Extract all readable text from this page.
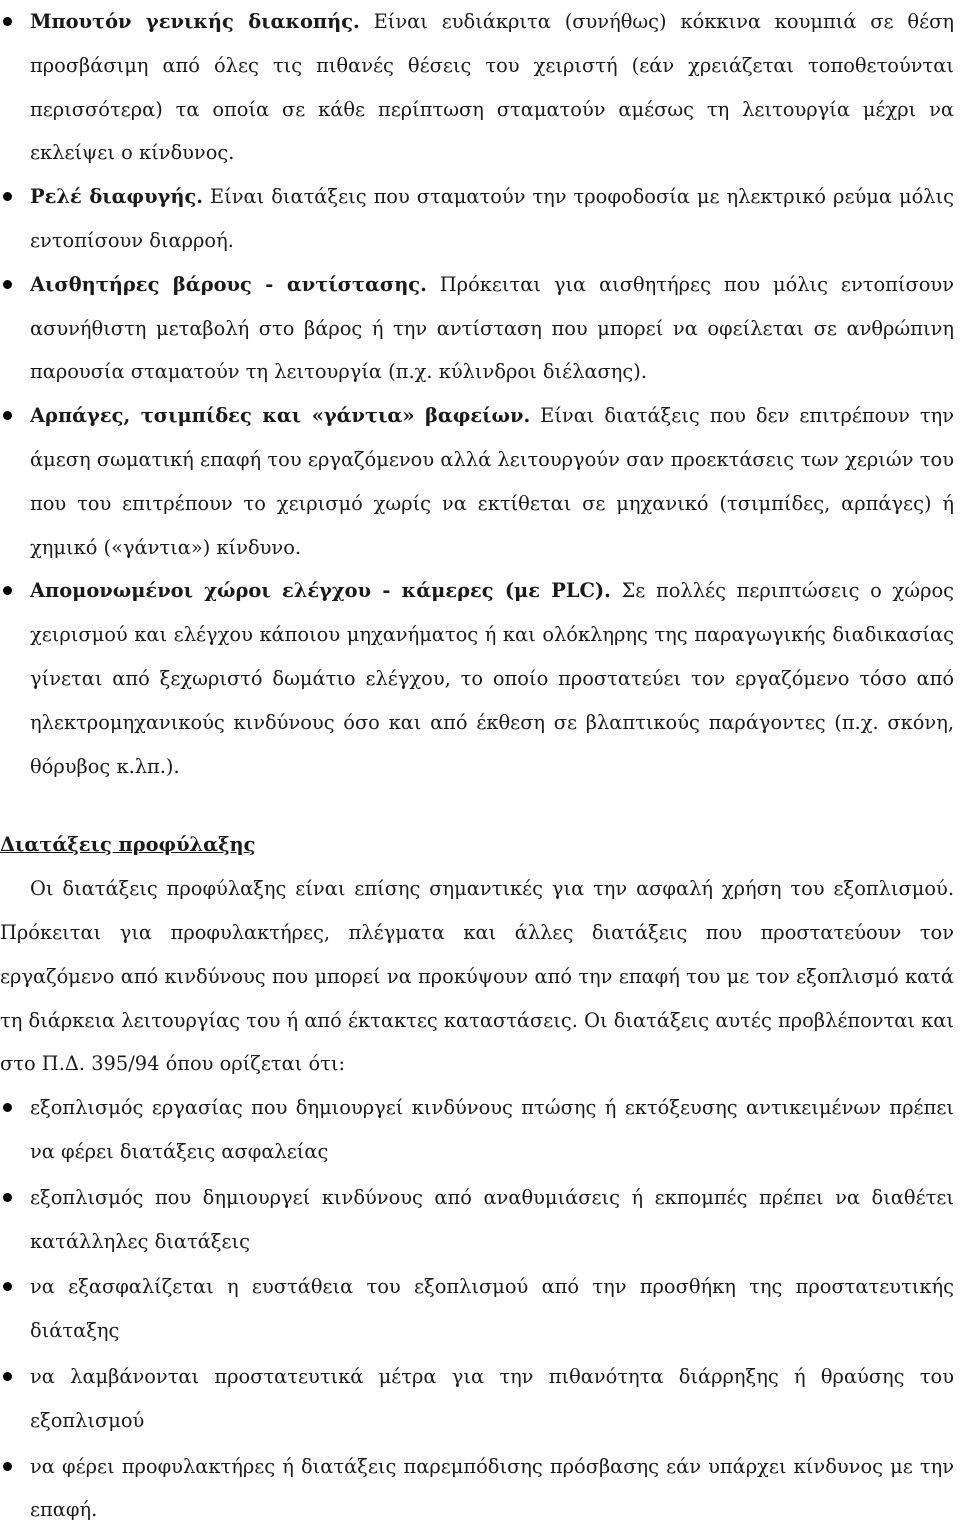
Μπουτόν γενικής διακοπής. Είναι ευδιάκριτα (συνήθως) κόκκινα κουμπιά σε θέση προσβάσιμη από όλες τις πιθανές θέσεις του χειριστή (εάν χρειάζεται τοποθετούνται περισσότερα) τα οποία σε κάθε περίπτωση σταματούν αμέσως τη λειτουργία μέχρι να εκλείψει ο κίνδυνος.
Ρελέ διαφυγής. Είναι διατάξεις που σταματούν την τροφοδοσία με ηλεκτρικό ρεύμα μόλις εντοπίσουν διαρροή.
Αισθητήρες βάρους - αντίστασης. Πρόκειται για αισθητήρες που μόλις εντοπίσουν ασυνήθιστη μεταβολή στο βάρος ή την αντίσταση που μπορεί να οφείλεται σε ανθρώπινη παρουσία σταματούν τη λειτουργία (π.χ. κύλινδροι διέλασης).
Αρπάγες, τσιμπίδες και «γάντια» βαφείων. Είναι διατάξεις που δεν επιτρέπουν την άμεση σωματική επαφή του εργαζόμενου αλλά λειτουργούν σαν προεκτάσεις των χεριών του που του επιτρέπουν το χειρισμό χωρίς να εκτίθεται σε μηχανικό (τσιμπίδες, αρπάγες) ή χημικό («γάντια») κίνδυνο.
Απομονωμένοι χώροι ελέγχου - κάμερες (με PLC). Σε πολλές περιπτώσεις ο χώρος χειρισμού και ελέγχου κάποιου μηχανήματος ή και ολόκληρης της παραγωγικής διαδικασίας γίνεται από ξεχωριστό δωμάτιο ελέγχου, το οποίο προστατεύει τον εργαζόμενο τόσο από ηλεκτρομηχανικούς κινδύνους όσο και από έκθεση σε βλαπτικούς παράγοντες (π.χ. σκόνη, θόρυβος κ.λπ.).
Διατάξεις προφύλαξης

Οι διατάξεις προφύλαξης είναι επίσης σημαντικές για την ασφαλή χρήση του εξοπλισμού. Πρόκειται για προφυλακτήρες, πλέγματα και άλλες διατάξεις που προστατεύουν τον εργαζόμενο από κινδύνους που μπορεί να προκύψουν από την επαφή του με τον εξοπλισμό κατά τη διάρκεια λειτουργίας του ή από έκτακτες καταστάσεις. Οι διατάξεις αυτές προβλέπονται και στο Π.Δ. 395/94 όπου ορίζεται ότι:

εξοπλισμός εργασίας που δημιουργεί κινδύνους πτώσης ή εκτόξευσης αντικειμένων πρέπει να φέρει διατάξεις ασφαλείας
εξοπλισμός που δημιουργεί κινδύνους από αναθυμιάσεις ή εκπομπές πρέπει να διαθέτει κατάλληλες διατάξεις
να εξασφαλίζεται η ευστάθεια του εξοπλισμού από την προσθήκη της προστατευτικής διάταξης
να λαμβάνονται προστατευτικά μέτρα για την πιθανότητα διάρρηξης ή θραύσης του εξοπλισμού
να φέρει προφυλακτήρες ή διατάξεις παρεμπόδισης πρόσβασης εάν υπάρχει κίνδυνος με την επαφή.
